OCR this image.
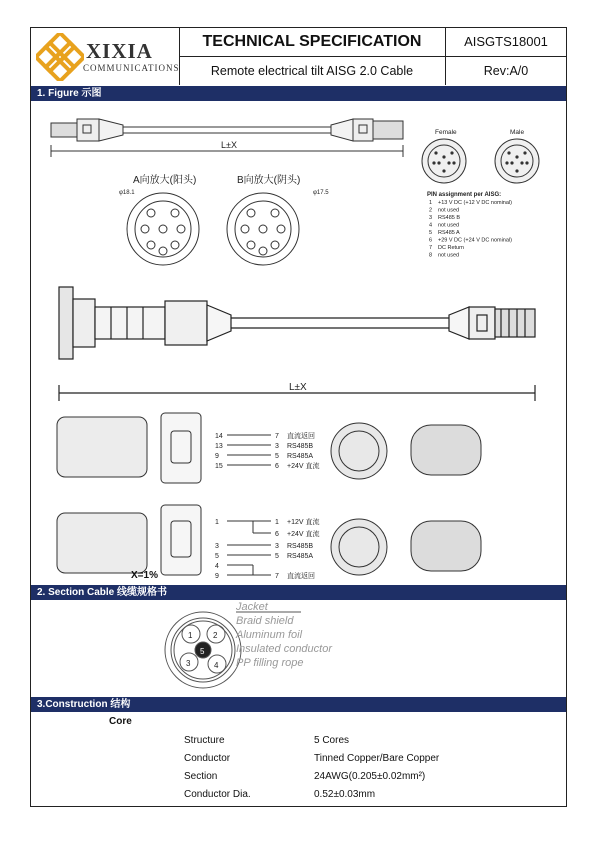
XIXIA
COMMUNICATIONS
TECHNICAL SPECIFICATION	AISGTS18001
Remote electrical tilt AISG 2.0 Cable	Rev:A/0
1. Figure 示图
L±X
Female	Male
PIN assignment per AISG:
1 +13 V DC (+12 V DC nominal)
2 not used
3 RS485 B
4 not used
5 RS485 A
6 +29 V DC (+24 V DC nominal)
7 DC Return
8 not used
A向放大(阳头)	B向放大(阴头)
φ18.1	φ17.5
L±X
14	7 直流返回
13	3 RS485B
9	5 RS485A
15	6 +24V 直流
1	1 +12V 直流
6 +24V 直流
3	3 RS485B
5	5 RS485A
4
9	7 直流返回
X=1%
2. Section Cable 线缆规格书
1	2
3	4
5
Jacket
Braid shield
Aluminum foil
Insulated conductor
PP filling rope
3.Construction 结构
Core
Structure	5 Cores
Conductor	Tinned Copper/Bare Copper
Section	24AWG(0.205±0.02mm²)
Conductor Dia.	0.52±0.03mm
